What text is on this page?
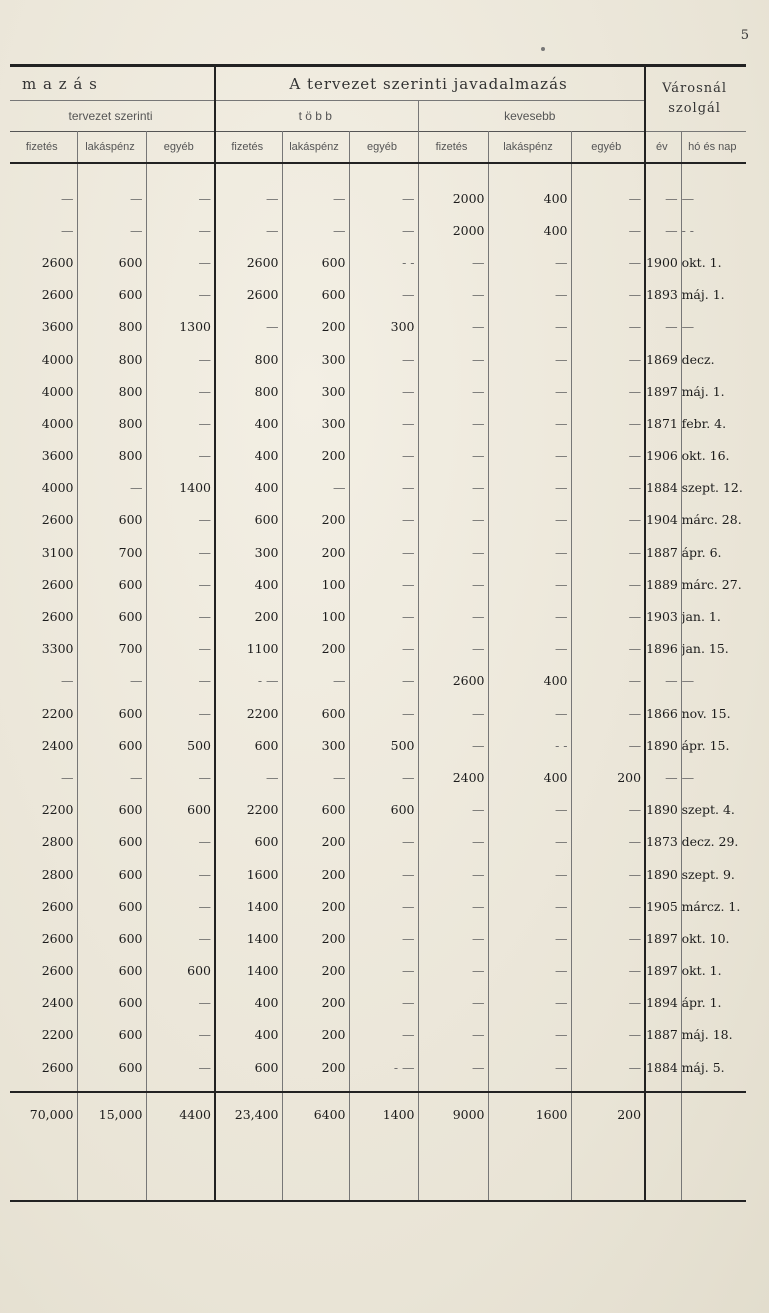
5
m a z á s			A tervezet szerinti javadalmazás						Városnál szolgál	
tervezet szerinti			t ö b b			kevesebb				
fizetés	lakáspénz	egyéb	fizetés	lakáspénz	egyéb	fizetés	lakáspénz	egyéb	év	hó és nap

—	—	—	—	—	—	2000	400	—	—	—
—	—	—	—	—	—	2000	400	—	—	- -
2600	600	—	2600	600	- -	—	—	—	1900	okt. 1.
2600	600	—	2600	600	—	—	—	—	1893	máj. 1.
3600	800	1300	—	200	300	—	—	—	—	—
4000	800	—	800	300	—	—	—	—	1869	decz.
4000	800	—	800	300	—	—	—	—	1897	máj. 1.
4000	800	—	400	300	—	—	—	—	1871	febr. 4.
3600	800	—	400	200	—	—	—	—	1906	okt. 16.
4000	—	1400	400	—	—	—	—	—	1884	szept. 12.
2600	600	—	600	200	—	—	—	—	1904	márc. 28.
3100	700	—	300	200	—	—	—	—	1887	ápr. 6.
2600	600	—	400	100	—	—	—	—	1889	márc. 27.
2600	600	—	200	100	—	—	—	—	1903	jan. 1.
3300	700	—	1100	200	—	—	—	—	1896	jan. 15.
—	—	—	- —	—	—	2600	400	—	—	—
2200	600	—	2200	600	—	—	—	—	1866	nov. 15.
2400	600	500	600	300	500	—	- -	—	1890	ápr. 15.
—	—	—	—	—	—	2400	400	200	—	—
2200	600	600	2200	600	600	—	—	—	1890	szept. 4.
2800	600	—	600	200	—	—	—	—	1873	decz. 29.
2800	600	—	1600	200	—	—	—	—	1890	szept. 9.
2600	600	—	1400	200	—	—	—	—	1905	márcz. 1.
2600	600	—	1400	200	—	—	—	—	1897	okt. 10.
2600	600	600	1400	200	—	—	—	—	1897	okt. 1.
2400	600	—	400	200	—	—	—	—	1894	ápr. 1.
2200	600	—	400	200	—	—	—	—	1887	máj. 18.
2600	600	—	600	200	- —	—	—	—	1884	máj. 5.

70,000	15,000	4400	23,400	6400	1400	9000	1600	200		
